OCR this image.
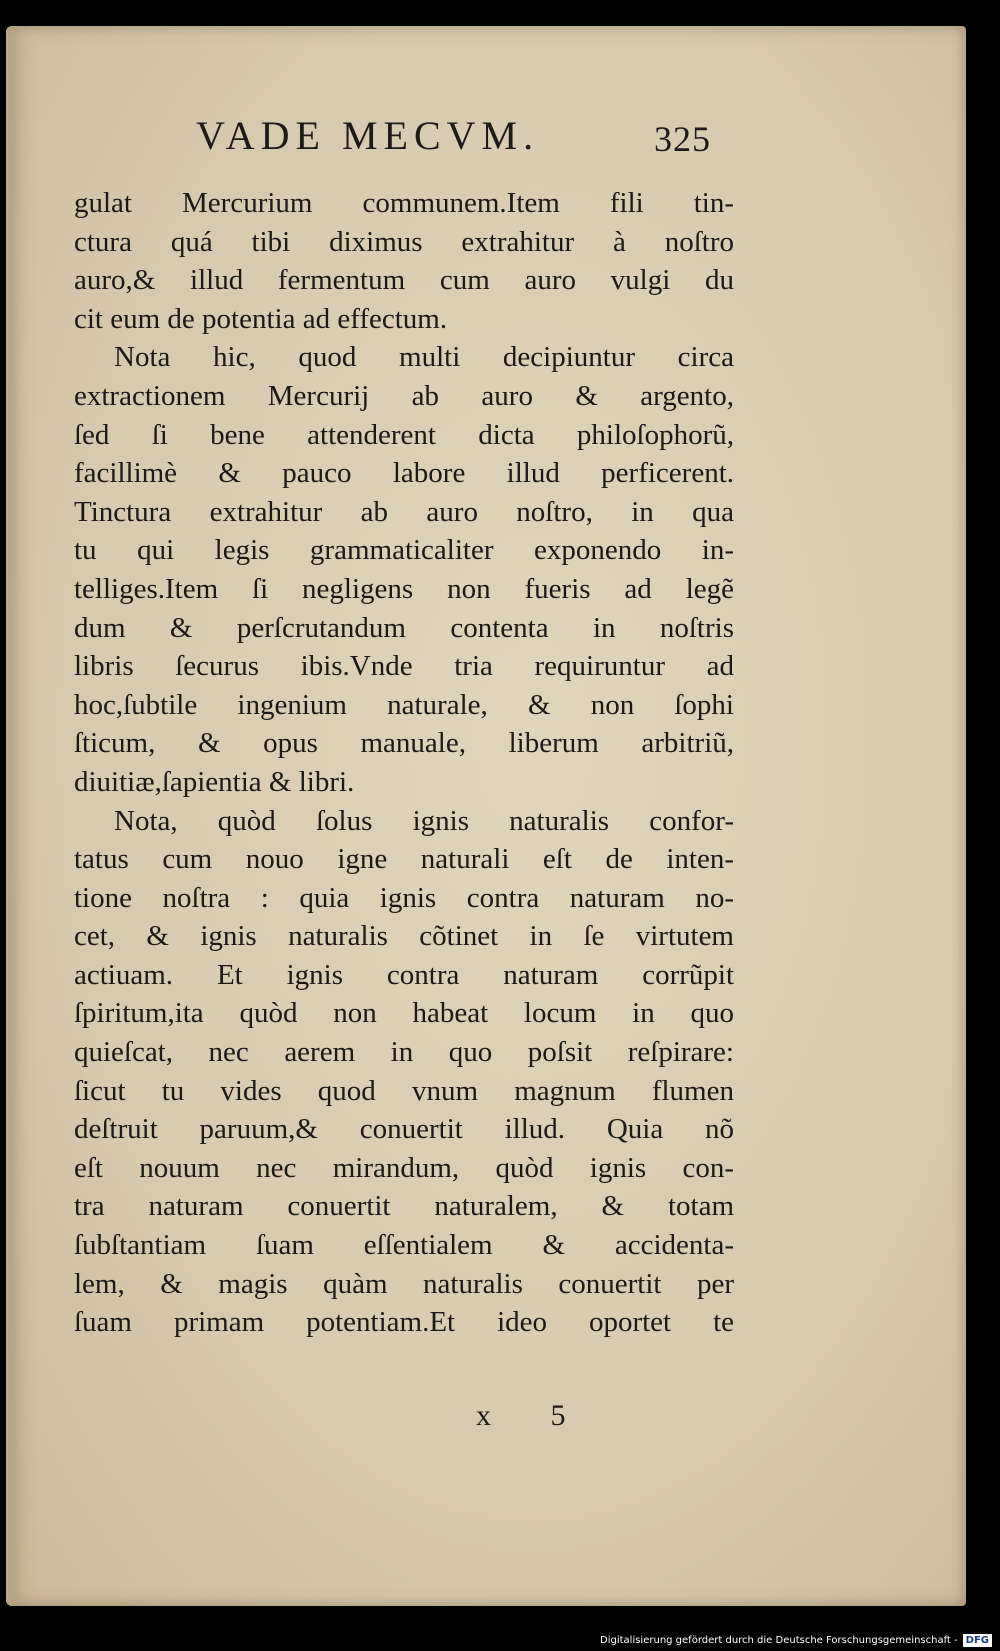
VADE MECVM.	325
gulat Mercurium communem.Item fili tin-
ctura quá tibi diximus extrahitur à noſtro
auro,& illud fermentum cum auro vulgi du
cit eum de potentia ad effectum.
Nota hic, quod multi decipiuntur circa
extractionem Mercurij ab auro & argento,
ſed ſi bene attenderent dicta philoſophorũ,
facillimè & pauco labore illud perficerent.
Tinctura extrahitur ab auro noſtro, in qua
tu qui legis grammaticaliter exponendo in-
telliges.Item ſi negligens non fueris ad legẽ
dum & perſcrutandum contenta in noſtris
libris ſecurus ibis.Vnde tria requiruntur ad
hoc,ſubtile ingenium naturale, & non ſophi
ſticum, & opus manuale, liberum arbitriũ,
diuitiæ,ſapientia & libri.
Nota, quòd ſolus ignis naturalis confor-
tatus cum nouo igne naturali eſt de inten-
tione noſtra : quia ignis contra naturam no-
cet, & ignis naturalis cõtinet in ſe virtutem
actiuam. Et ignis contra naturam corrũpit
ſpiritum,ita quòd non habeat locum in quo
quieſcat, nec aerem in quo poſsit reſpirare:
ſicut tu vides quod vnum magnum flumen
deſtruit paruum,& conuertit illud. Quia nõ
eſt nouum nec mirandum, quòd ignis con-
tra naturam conuertit naturalem, & totam
ſubſtantiam ſuam eſſentialem & accidenta-
lem, & magis quàm naturalis conuertit per
ſuam primam potentiam.Et ideo oportet te
x 5
Digitalisierung gefördert durch die Deutsche Forschungsgemeinschaft - DFG
